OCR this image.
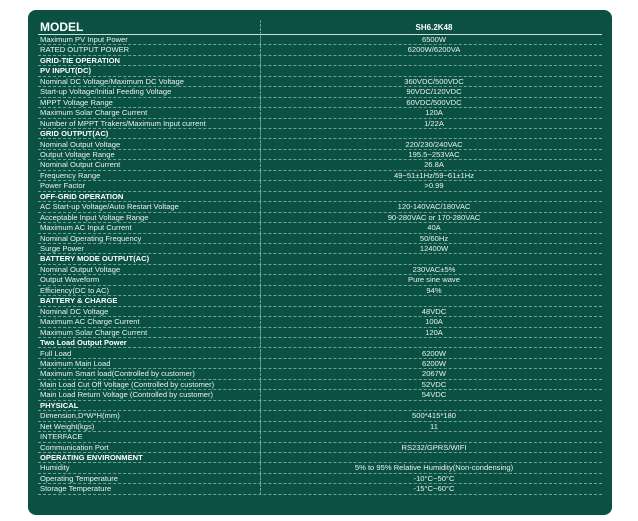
MODEL	SH6.2K48
Maximum PV Input Power	6500W
RATED OUTPUT POWER	6200W/6200VA
GRID-TIE OPERATION
PV INPUT(DC)
Nominal DC Voltage/Maximum DC Voltage	360VDC/500VDC
Start-up Voltage/Initial Feeding Voltage	90VDC/120VDC
MPPT Voltage Range	60VDC/500VDC
Maximum Solar Charge Current	120A
Number of MPPT Trakers/Maximum Input current	1/22A
GRID OUTPUT(AC)
Nominal Output Voltage	220/230/240VAC
Output Voltage Range	195.5~253VAC
Nominal Output Current	26.8A
Frequency Range	49~51±1Hz/59~61±1Hz
Power Factor	>0.99
OFF-GRID OPERATION
AC Start-up Voltage/Auto Restart Voltage	120-140VAC/180VAC
Acceptable Input Voltage Range	90-280VAC or 170-280VAC
Maximum AC Input Current	40A
Nominal Operating Frequency	50/60Hz
Surge Power	12400W
BATTERY MODE OUTPUT(AC)
Nominal Output Voltage	230VAC±5%
Output Waveform	Pure sine wave
Efficiency(DC to AC)	94%
BATTERY & CHARGE
Nominal DC Voltage	48VDC
Maximum AC Charge Current	100A
Maximum Solar Charge Current	120A
Two Load Output Power
Full Load	6200W
Maximum Main Load	6200W
Maximum Smart load(Controlled by customer)	2067W
Main Load Cut Off Voltage (Controlled by customer)	52VDC
Main Load Return Voltage (Controlled by customer)	54VDC
PHYSICAL
Dimension,D*W*H(mm)	500*415*180
Net Weight(kgs)	11
INTERFACE
Communication Port	RS232/GPRS/WIFI
OPERATING ENVIRONMENT
Humidity	5% to 95% Relative Humidity(Non-condensing)
Operating Temperature	-10°C~50°C
Storage Temperature	-15°C~60°C
